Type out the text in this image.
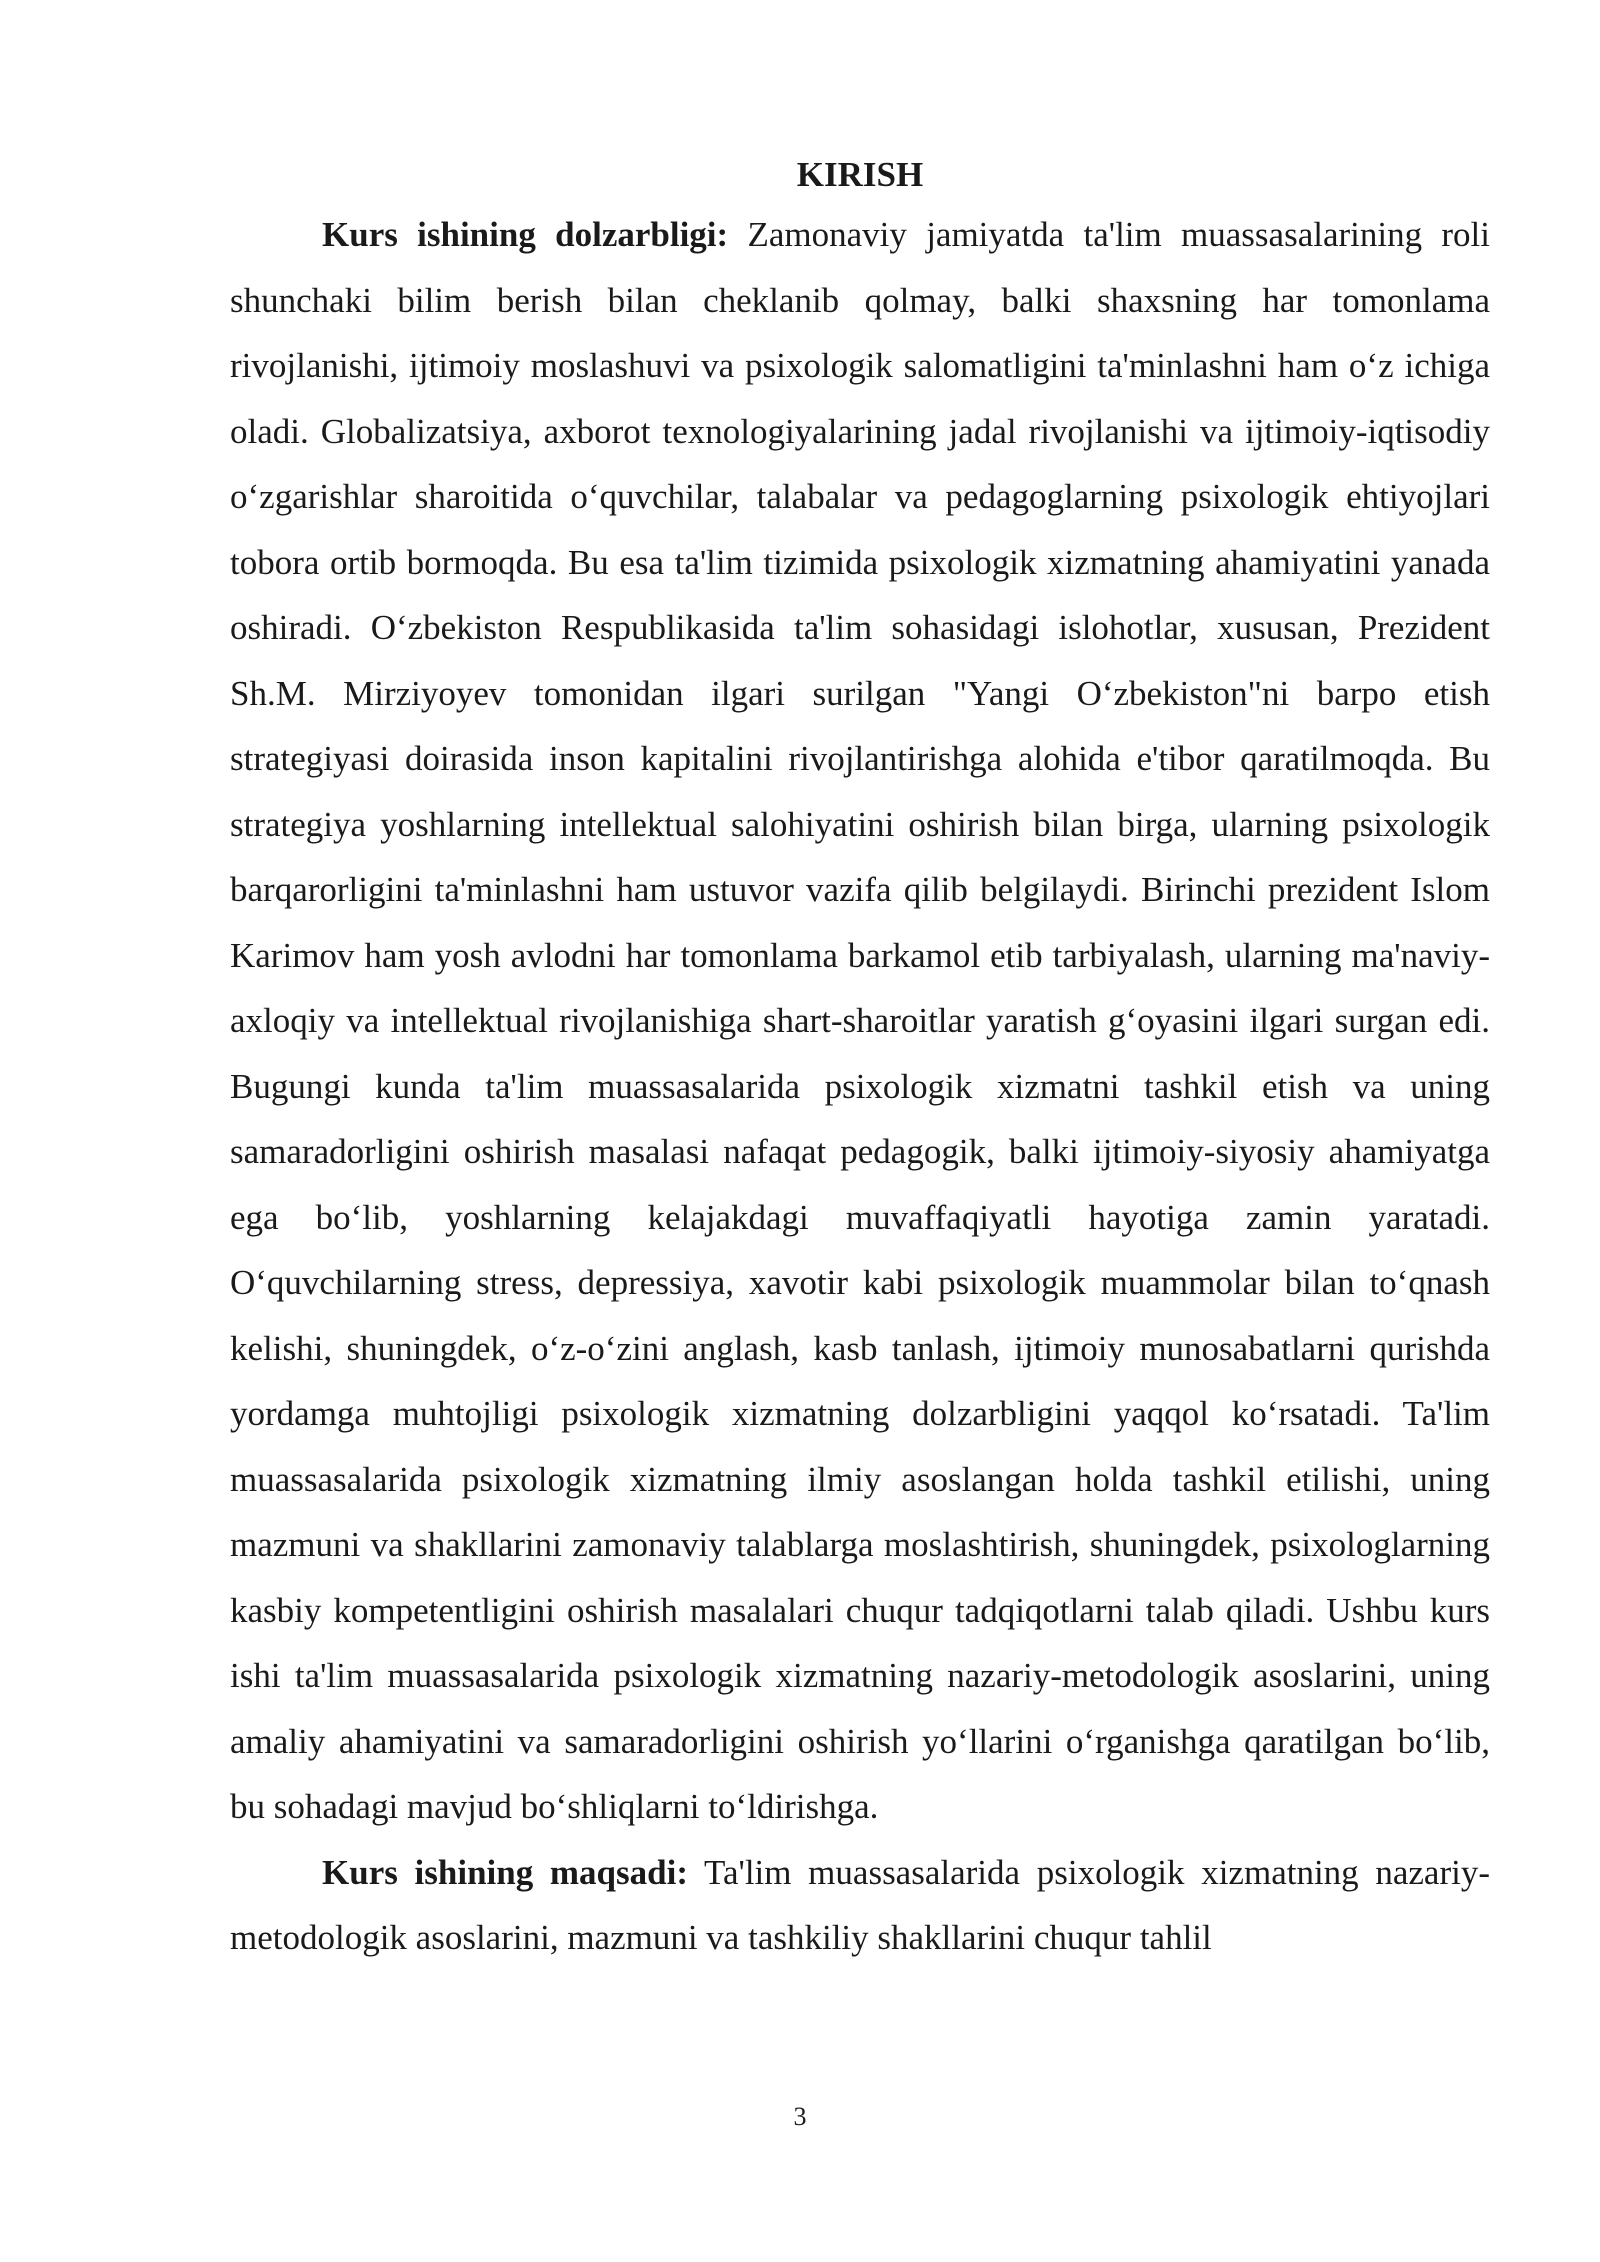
KIRISH

Kurs ishining dolzarbligi: Zamonaviy jamiyatda ta'lim muassasalarining roli shunchaki bilim berish bilan cheklanib qolmay, balki shaxsning har tomonlama rivojlanishi, ijtimoiy moslashuvi va psixologik salomatligini ta'minlashni ham o‘z ichiga oladi. Globalizatsiya, axborot texnologiyalarining jadal rivojlanishi va ijtimoiy-iqtisodiy o‘zgarishlar sharoitida o‘quvchilar, talabalar va pedagoglarning psixologik ehtiyojlari tobora ortib bormoqda. Bu esa ta'lim tizimida psixologik xizmatning ahamiyatini yanada oshiradi. O‘zbekiston Respublikasida ta'lim sohasidagi islohotlar, xususan, Prezident Sh.M. Mirziyoyev tomonidan ilgari surilgan "Yangi O‘zbekiston"ni barpo etish strategiyasi doirasida inson kapitalini rivojlantirishga alohida e'tibor qaratilmoqda. Bu strategiya yoshlarning intellektual salohiyatini oshirish bilan birga, ularning psixologik barqarorligini ta'minlashni ham ustuvor vazifa qilib belgilaydi. Birinchi prezident Islom Karimov ham yosh avlodni har tomonlama barkamol etib tarbiyalash, ularning ma'naviy-axloqiy va intellektual rivojlanishiga shart-sharoitlar yaratish g‘oyasini ilgari surgan edi. Bugungi kunda ta'lim muassasalarida psixologik xizmatni tashkil etish va uning samaradorligini oshirish masalasi nafaqat pedagogik, balki ijtimoiy-siyosiy ahamiyatga ega bo‘lib, yoshlarning kelajakdagi muvaffaqiyatli hayotiga zamin yaratadi. O‘quvchilarning stress, depressiya, xavotir kabi psixologik muammolar bilan to‘qnash kelishi, shuningdek, o‘z-o‘zini anglash, kasb tanlash, ijtimoiy munosabatlarni qurishda yordamga muhtojligi psixologik xizmatning dolzarbligini yaqqol ko‘rsatadi. Ta'lim muassasalarida psixologik xizmatning ilmiy asoslangan holda tashkil etilishi, uning mazmuni va shakllarini zamonaviy talablarga moslashtirish, shuningdek, psixologlarning kasbiy kompetentligini oshirish masalalari chuqur tadqiqotlarni talab qiladi. Ushbu kurs ishi ta'lim muassasalarida psixologik xizmatning nazariy-metodologik asoslarini, uning amaliy ahamiyatini va samaradorligini oshirish yo‘llarini o‘rganishga qaratilgan bo‘lib, bu sohadagi mavjud bo‘shliqlarni to‘ldirishga.

Kurs ishining maqsadi: Ta'lim muassasalarida psixologik xizmatning nazariy-metodologik asoslarini, mazmuni va tashkiliy shakllarini chuqur tahlil

3
